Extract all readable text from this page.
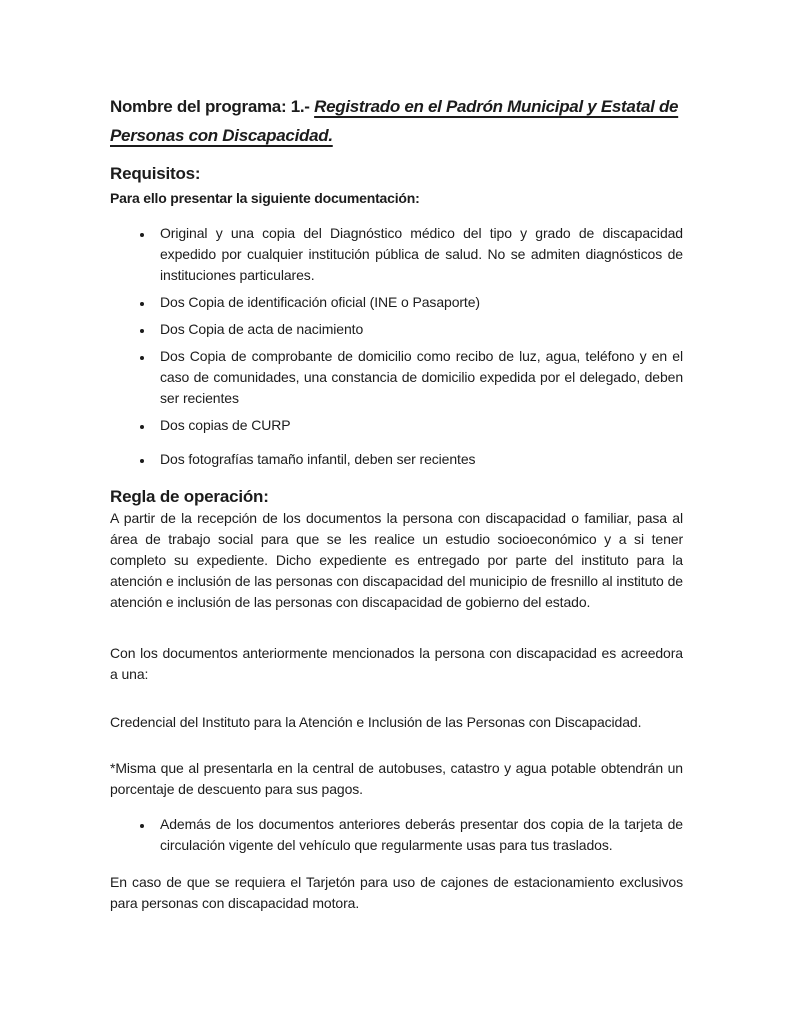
Nombre del programa: 1.- Registrado en el Padrón Municipal y Estatal de Personas con Discapacidad.
Requisitos:

Para ello presentar la siguiente documentación:

• Original y una copia del Diagnóstico médico del tipo y grado de discapacidad expedido por cualquier institución pública de salud. No se admiten diagnósticos de instituciones particulares.
• Dos Copia de identificación oficial (INE o Pasaporte)
• Dos Copia de acta de nacimiento
• Dos Copia de comprobante de domicilio como recibo de luz, agua, teléfono y en el caso de comunidades, una constancia de domicilio expedida por el delegado, deben ser recientes
• Dos copias de CURP
• Dos fotografías tamaño infantil, deben ser recientes
Regla de operación:

A partir de la recepción de los documentos la persona con discapacidad o familiar, pasa al área de trabajo social para que se les realice un estudio socioeconómico y a si tener completo su expediente. Dicho expediente es entregado por parte del instituto para la atención e inclusión de las personas con discapacidad del municipio de fresnillo al instituto de atención e inclusión de las personas con discapacidad de gobierno del estado.

Con los documentos anteriormente mencionados la persona con discapacidad es acreedora a una:

Credencial del Instituto para la Atención e Inclusión de las Personas con Discapacidad.

*Misma que al presentarla en la central de autobuses, catastro y agua potable obtendrán un porcentaje de descuento para sus pagos.

• Además de los documentos anteriores deberás presentar dos copia de la tarjeta de circulación vigente del vehículo que regularmente usas para tus traslados.

En caso de que se requiera el Tarjetón para uso de cajones de estacionamiento exclusivos para personas con discapacidad motora.
